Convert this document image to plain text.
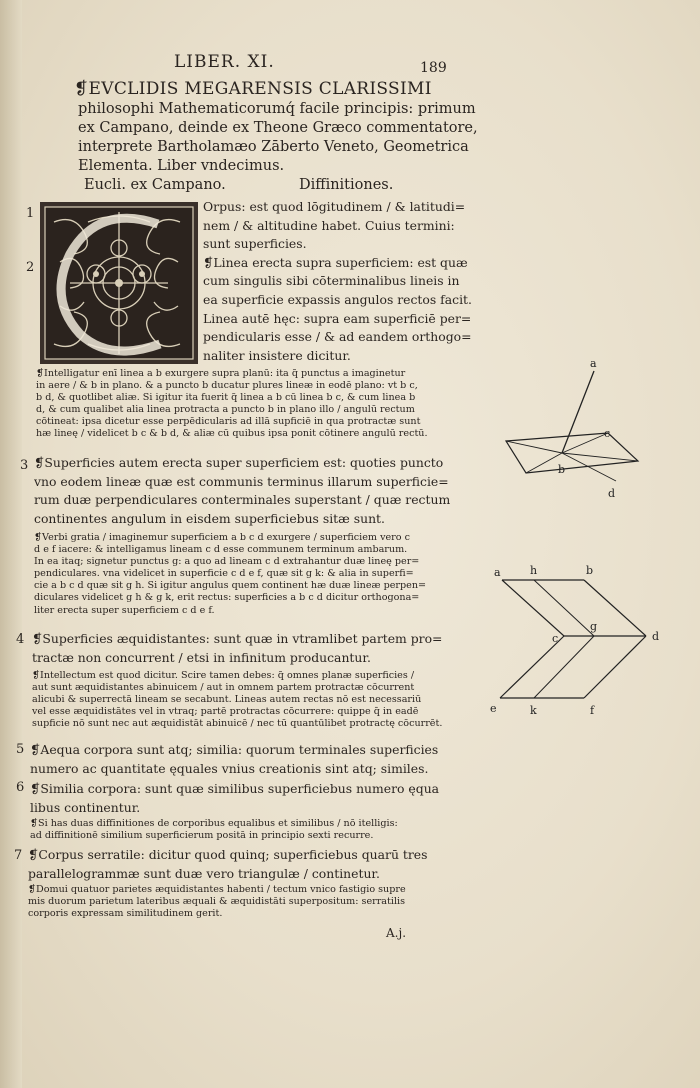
LIBER. XI.	189
❡EVCLIDIS MEGARENSIS CLARISSIMI
philosophi Mathematicorumq́ facile principis: primum
ex Campano, deinde ex Theone Græco commentatore,
interprete Bartholamæo Zāberto Veneto, Geometrica
Elementa. Liber vndecimus.
Eucli. ex Campano.	Diffinitiones.
1
2
3
4
5
6
7
Orpus: est quod lōgitudinem / & latitudi=
nem / & altitudine habet. Cuius termini:
sunt superficies.
❡Linea erecta supra superficiem: est quæ
cum singulis sibi cōterminalibus lineis in
ea superficie expassis angulos rectos facit.
Linea autē hęc: supra eam superficiē per=
pendicularis esse / & ad eandem orthogo=
naliter insistere dicitur.
❡Intelligatur enī linea a b exurgere supra planū: ita q̃ punctus a imaginetur
in aere / & b in plano. & a puncto b ducatur plures lineæ in eodē plano: vt b c,
b d, & quotlibet aliæ. Si igitur ita fuerit q̃ linea a b cū linea b c, & cum linea b
d, & cum qualibet alia linea protracta a puncto b in plano illo / angulū rectum
cōtineat: ipsa dicetur esse perpēdicularis ad illā supficiē in qua protractæ sunt
hæ lineę / videlicet b c & b d, & aliæ cū quibus ipsa ponit cōtinere angulū rectū.
❡Superficies autem erecta super superficiem est: quoties puncto
vno eodem lineæ quæ est communis terminus illarum superficie=
rum duæ perpendiculares conterminales superstant / quæ rectum
continentes angulum in eisdem superficiebus sitæ sunt.
❡Verbi gratia / imaginemur superficiem a b c d exurgere / superficiem vero c
d e f iacere: & intelligamus lineam c d esse communem terminum ambarum.
In ea itaq; signetur punctus g: a quo ad lineam c d extrahantur duæ lineę per=
pendiculares. vna videlicet in superficie c d e f, quæ sit g k: & alia in superfi=
cie a b c d quæ sit g h. Si igitur angulus quem continent hæ duæ lineæ perpen=
diculares videlicet g h & g k, erit rectus: superficies a b c d dicitur orthogona=
liter erecta super superficiem c d e f.
❡Superficies æquidistantes: sunt quæ in vtramlibet partem pro=
tractæ non concurrent / etsi in infinitum producantur.
❡Intellectum est quod dicitur. Scire tamen debes: q̃ omnes planæ superficies /
aut sunt æquidistantes abinuicem / aut in omnem partem protractæ cōcurrent
alicubi & superrectā lineam se secabunt. Lineas autem rectas nō est necessariū
vel esse æquidistātes vel in vtraq; partē protractas cōcurrere: quippe q̄ in eadē
supficie nō sunt nec aut æquidistāt abinuicē / nec tū quantūlibet protractę cōcurrēt.
❡Aequa corpora sunt atq; similia: quorum terminales superficies
numero ac quantitate ęquales vnius creationis sint atq; similes.
❡Similia corpora: sunt quæ similibus superficiebus numero ęqua
libus continentur.
❡Si has duas diffinitiones de corporibus equalibus et similibus / nō itelligis:
ad diffinitionē similium superficierum positā in principio sexti recurre.
❡Corpus serratile: dicitur quod quinq; superficiebus quarū tres
parallelogrammæ sunt duæ vero triangulæ / continetur.
❡Domui quatuor parietes æquidistantes habenti / tectum vnico fastigio supre
mis duorum parietum lateribus æquali & æquidistāti superpositum: serratilis
corporis expressam similitudinem gerit.
A.j.
a
b
c
d
a	h	b
c
g
d
e	k	f
